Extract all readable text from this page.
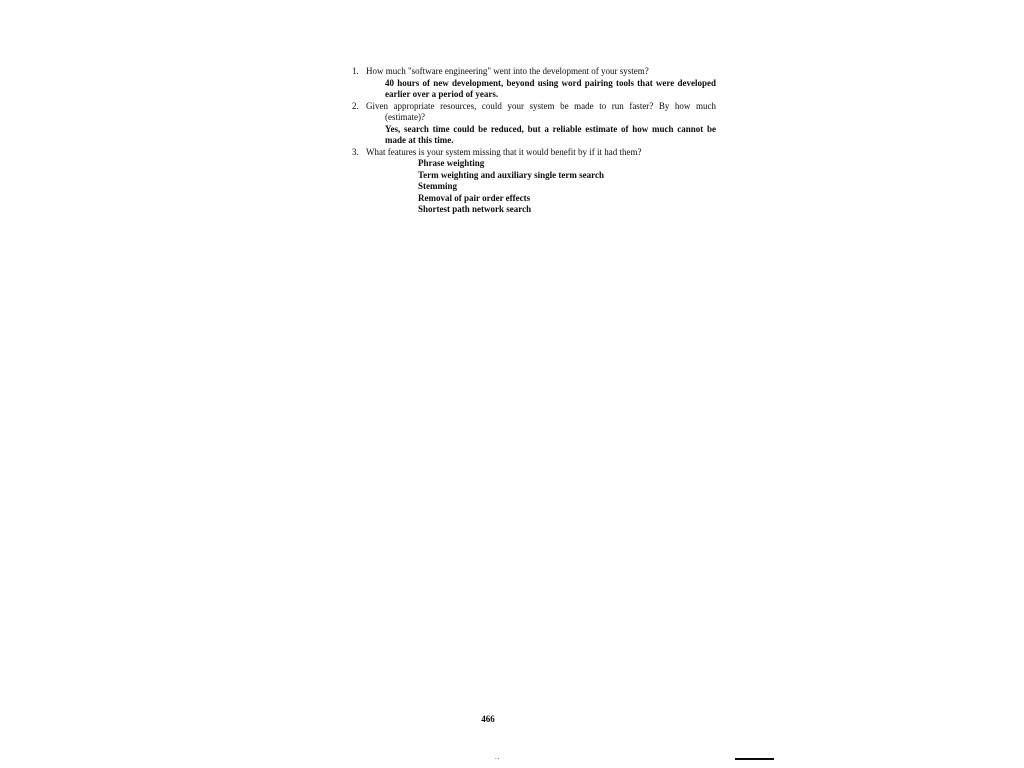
1. How much "software engineering" went into the development of your system?
40 hours of new development, beyond using word pairing tools that were developed
earlier over a period of years.
2. Given appropriate resources, could your system be made to run faster? By how much
(estimate)?
Yes, search time could be reduced, but a reliable estimate of how much cannot be
made at this time.
3. What features is your system missing that it would benefit by if it had them?
Phrase weighting
Term weighting and auxiliary single term search
Stemming
Removal of pair order effects
Shortest path network search
466
..
